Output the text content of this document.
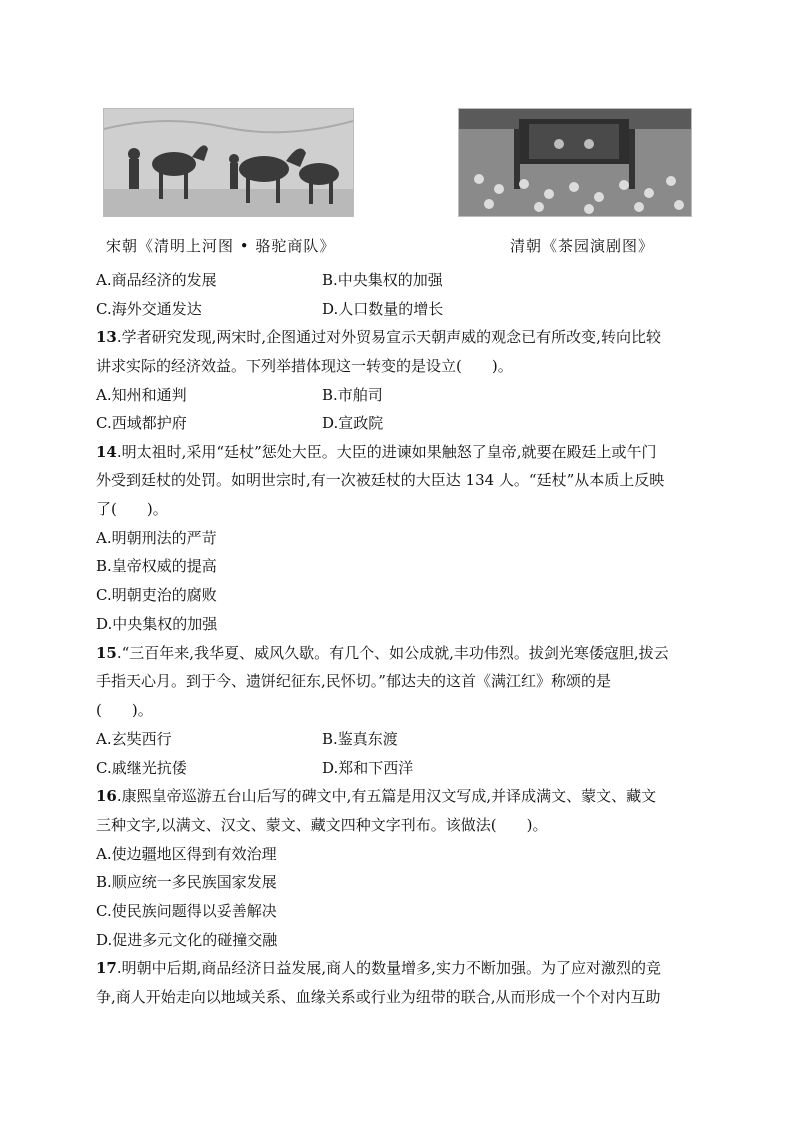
宋朝《清明上河图 • 骆驼商队》	清朝《茶园演剧图》
A.商品经济的发展	B.中央集权的加强
C.海外交通发达	D.人口数量的增长
13.学者研究发现,两宋时,企图通过对外贸易宣示天朝声威的观念已有所改变,转向比较
讲求实际的经济效益。下列举措体现这一转变的是设立(　　)。
A.知州和通判	B.市舶司
C.西域都护府	D.宣政院
14.明太祖时,采用“廷杖”惩处大臣。大臣的进谏如果触怒了皇帝,就要在殿廷上或午门
外受到廷杖的处罚。如明世宗时,有一次被廷杖的大臣达 134 人。“廷杖”从本质上反映
了(　　)。
A.明朝刑法的严苛
B.皇帝权威的提高
C.明朝吏治的腐败
D.中央集权的加强
15.“三百年来,我华夏、威风久歇。有几个、如公成就,丰功伟烈。拔剑光寒倭寇胆,拔云
手指天心月。到于今、遗饼纪征东,民怀切。”郁达夫的这首《满江红》称颂的是
(　　)。
A.玄奘西行	B.鉴真东渡
C.戚继光抗倭	D.郑和下西洋
16.康熙皇帝巡游五台山后写的碑文中,有五篇是用汉文写成,并译成满文、蒙文、藏文
三种文字,以满文、汉文、蒙文、藏文四种文字刊布。该做法(　　)。
A.使边疆地区得到有效治理
B.顺应统一多民族国家发展
C.使民族问题得以妥善解决
D.促进多元文化的碰撞交融
17.明朝中后期,商品经济日益发展,商人的数量增多,实力不断加强。为了应对激烈的竞
争,商人开始走向以地域关系、血缘关系或行业为纽带的联合,从而形成一个个对内互助
